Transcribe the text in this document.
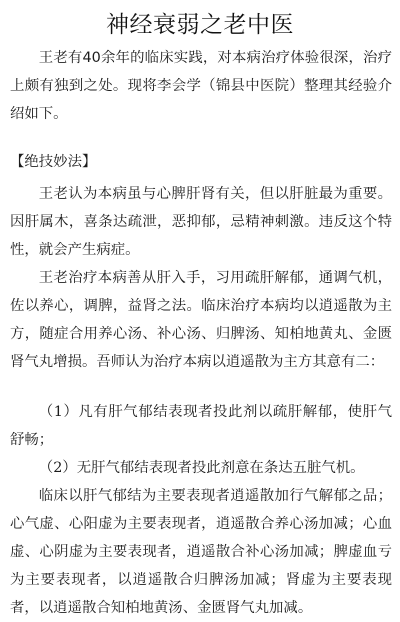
神经衰弱之老中医
王老有40余年的临床实践，对本病治疗体验很深，治疗上颇有独到之处。现将李会学（锦县中医院）整理其经验介绍如下。
【绝技妙法】
王老认为本病虽与心脾肝肾有关，但以肝脏最为重要。因肝属木，喜条达疏泄，恶抑郁，忌精神刺激。违反这个特性，就会产生病症。
王老治疗本病善从肝入手，习用疏肝解郁，通调气机，佐以养心，调脾，益肾之法。临床治疗本病均以逍遥散为主方，随症合用养心汤、补心汤、归脾汤、知柏地黄丸、金匮肾气丸增损。吾师认为治疗本病以逍遥散为主方其意有二：
（1）凡有肝气郁结表现者投此剂以疏肝解郁，使肝气舒畅；
（2）无肝气郁结表现者投此剂意在条达五脏气机。
临床以肝气郁结为主要表现者逍遥散加行气解郁之品；心气虚、心阳虚为主要表现者，逍遥散合养心汤加减；心血虚、心阴虚为主要表现者，逍遥散合补心汤加减；脾虚血亏为主要表现者，以逍遥散合归脾汤加减；肾虚为主要表现者，以逍遥散合知柏地黄汤、金匮肾气丸加减。
